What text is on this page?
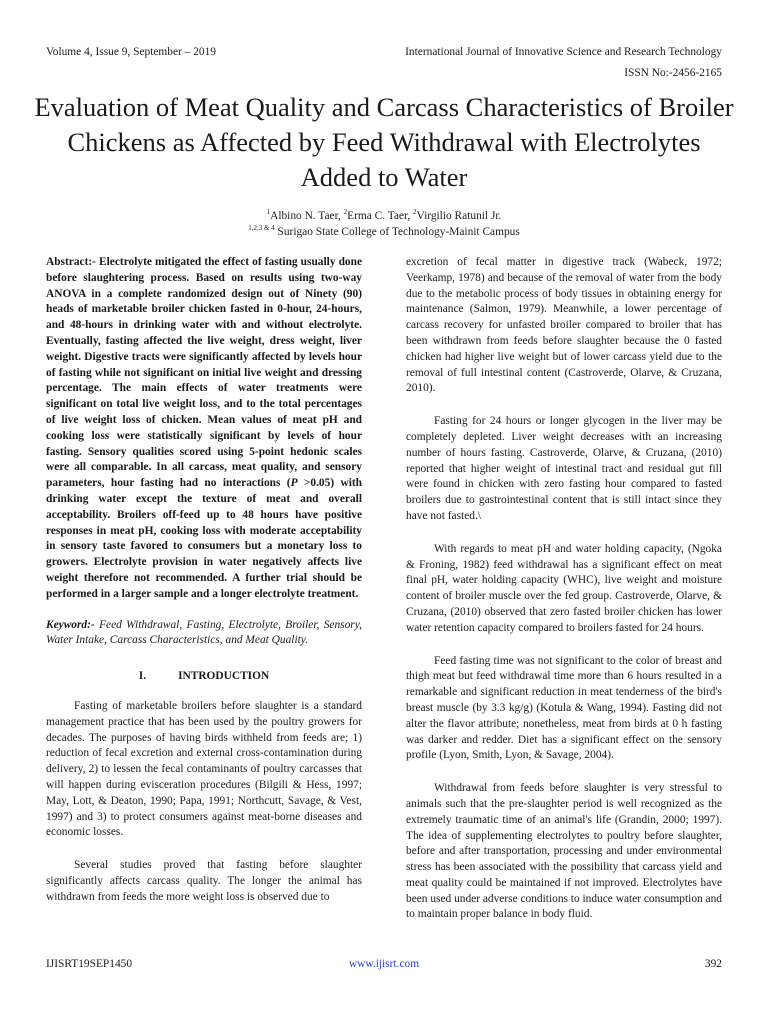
Volume 4, Issue 9, September – 2019	International Journal of Innovative Science and Research Technology
ISSN No:-2456-2165
Evaluation of Meat Quality and Carcass Characteristics of Broiler Chickens as Affected by Feed Withdrawal with Electrolytes Added to Water
$^1$Albino N. Taer, $^2$Erma C. Taer, $^2$Virgilio Ratunil Jr.
$^{1,2,3 \& 4}$ Surigao State College of Technology-Mainit Campus

Abstract:- Electrolyte mitigated the effect of fasting usually done before slaughtering process. Based on results using two-way ANOVA in a complete randomized design out of Ninety (90) heads of marketable broiler chicken fasted in 0-hour, 24-hours, and 48-hours in drinking water with and without electrolyte. Eventually, fasting affected the live weight, dress weight, liver weight. Digestive tracts were significantly affected by levels hour of fasting while not significant on initial live weight and dressing percentage. The main effects of water treatments were significant on total live weight loss, and to the total percentages of live weight loss of chicken. Mean values of meat pH and cooking loss were statistically significant by levels of hour fasting. Sensory qualities scored using 5-point hedonic scales were all comparable. In all carcass, meat quality, and sensory parameters, hour fasting had no interactions (P >0.05) with drinking water except the texture of meat and overall acceptability. Broilers off-feed up to 48 hours have positive responses in meat pH, cooking loss with moderate acceptability in sensory taste favored to consumers but a monetary loss to growers. Electrolyte provision in water negatively affects live weight therefore not recommended. A further trial should be performed in a larger sample and a longer electrolyte treatment.

Keyword:- Feed Withdrawal, Fasting, Electrolyte, Broiler, Sensory, Water Intake, Carcass Characteristics, and Meat Quality.

I.	INTRODUCTION

Fasting of marketable broilers before slaughter is a standard management practice that has been used by the poultry growers for decades. The purposes of having birds withheld from feeds are; 1) reduction of fecal excretion and external cross-contamination during delivery, 2) to lessen the fecal contaminants of poultry carcasses that will happen during evisceration procedures (Bilgili & Hess, 1997; May, Lott, & Deaton, 1990; Papa, 1991; Northcutt, Savage, & Vest, 1997) and 3) to protect consumers against meat-borne diseases and economic losses.

Several studies proved that fasting before slaughter significantly affects carcass quality. The longer the animal has withdrawn from feeds the more weight loss is observed due to

excretion of fecal matter in digestive track (Wabeck, 1972; Veerkamp, 1978) and because of the removal of water from the body due to the metabolic process of body tissues in obtaining energy for maintenance (Salmon, 1979). Meanwhile, a lower percentage of carcass recovery for unfasted broiler compared to broiler that has been withdrawn from feeds before slaughter because the 0 fasted chicken had higher live weight but of lower carcass yield due to the removal of full intestinal content (Castroverde, Olarve, & Cruzana, 2010).

Fasting for 24 hours or longer glycogen in the liver may be completely depleted. Liver weight decreases with an increasing number of hours fasting. Castroverde, Olarve, & Cruzana, (2010) reported that higher weight of intestinal tract and residual gut fill were found in chicken with zero fasting hour compared to fasted broilers due to gastrointestinal content that is still intact since they have not fasted.\

With regards to meat pH and water holding capacity, (Ngoka & Froning, 1982) feed withdrawal has a significant effect on meat final pH, water holding capacity (WHC), live weight and moisture content of broiler muscle over the fed group. Castroverde, Olarve, & Cruzana, (2010) observed that zero fasted broiler chicken has lower water retention capacity compared to broilers fasted for 24 hours.

Feed fasting time was not significant to the color of breast and thigh meat but feed withdrawal time more than 6 hours resulted in a remarkable and significant reduction in meat tenderness of the bird's breast muscle (by 3.3 kg/g) (Kotula & Wang, 1994). Fasting did not alter the flavor attribute; nonetheless, meat from birds at 0 h fasting was darker and redder. Diet has a significant effect on the sensory profile (Lyon, Smith, Lyon, & Savage, 2004).

Withdrawal from feeds before slaughter is very stressful to animals such that the pre-slaughter period is well recognized as the extremely traumatic time of an animal's life (Grandin, 2000; 1997). The idea of supplementing electrolytes to poultry before slaughter, before and after transportation, processing and under environmental stress has been associated with the possibility that carcass yield and meat quality could be maintained if not improved. Electrolytes have been used under adverse conditions to induce water consumption and to maintain proper balance in body fluid.

IJISRT19SEP1450	www.ijisrt.com	392
